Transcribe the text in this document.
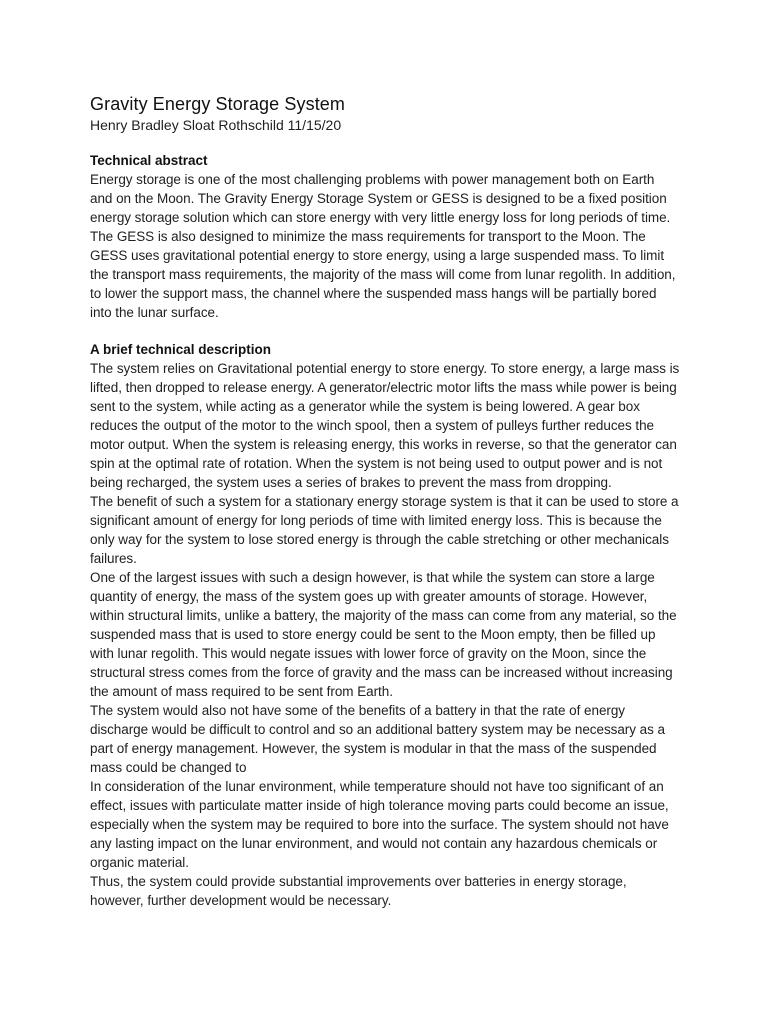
Gravity Energy Storage System

Henry Bradley Sloat Rothschild 11/15/20

Technical abstract

Energy storage is one of the most challenging problems with power management both on Earth and on the Moon. The Gravity Energy Storage System or GESS is designed to be a fixed position energy storage solution which can store energy with very little energy loss for long periods of time. The GESS is also designed to minimize the mass requirements for transport to the Moon. The GESS uses gravitational potential energy to store energy, using a large suspended mass. To limit the transport mass requirements, the majority of the mass will come from lunar regolith. In addition, to lower the support mass, the channel where the suspended mass hangs will be partially bored into the lunar surface.

A brief technical description

The system relies on Gravitational potential energy to store energy. To store energy, a large mass is lifted, then dropped to release energy. A generator/electric motor lifts the mass while power is being sent to the system, while acting as a generator while the system is being lowered. A gear box reduces the output of the motor to the winch spool, then a system of pulleys further reduces the motor output. When the system is releasing energy, this works in reverse, so that the generator can spin at the optimal rate of rotation. When the system is not being used to output power and is not being recharged, the system uses a series of brakes to prevent the mass from dropping.

The benefit of such a system for a stationary energy storage system is that it can be used to store a significant amount of energy for long periods of time with limited energy loss. This is because the only way for the system to lose stored energy is through the cable stretching or other mechanicals failures.

One of the largest issues with such a design however, is that while the system can store a large quantity of energy, the mass of the system goes up with greater amounts of storage. However, within structural limits, unlike a battery, the majority of the mass can come from any material, so the suspended mass that is used to store energy could be sent to the Moon empty, then be filled up with lunar regolith. This would negate issues with lower force of gravity on the Moon, since the structural stress comes from the force of gravity and the mass can be increased without increasing the amount of mass required to be sent from Earth.

The system would also not have some of the benefits of a battery in that the rate of energy discharge would be difficult to control and so an additional battery system may be necessary as a part of energy management. However, the system is modular in that the mass of the suspended mass could be changed to

In consideration of the lunar environment, while temperature should not have too significant of an effect, issues with particulate matter inside of high tolerance moving parts could become an issue, especially when the system may be required to bore into the surface. The system should not have any lasting impact on the lunar environment, and would not contain any hazardous chemicals or organic material.

Thus, the system could provide substantial improvements over batteries in energy storage, however, further development would be necessary.
